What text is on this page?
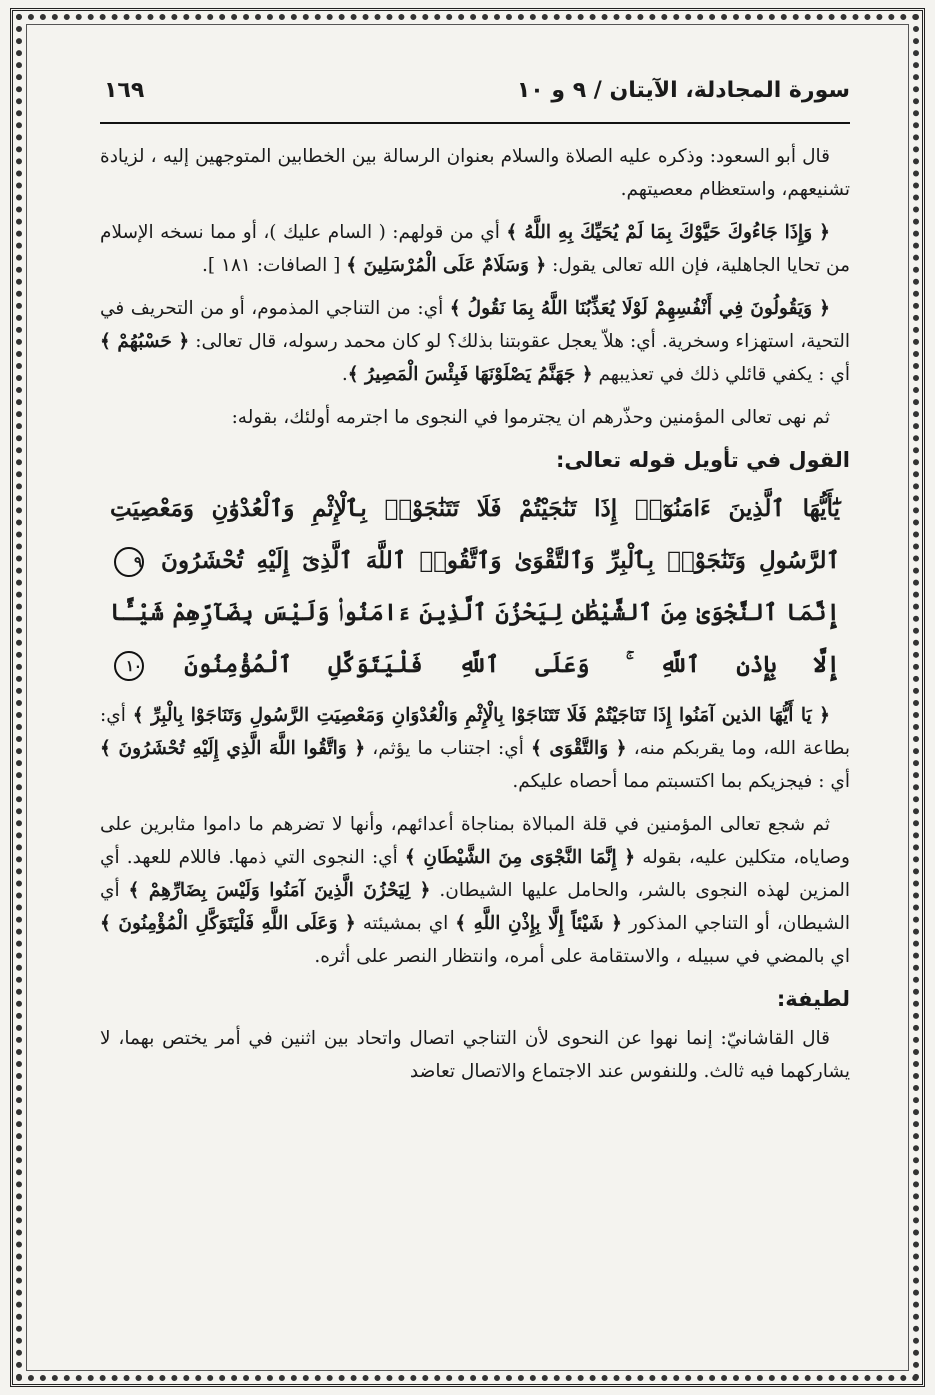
سورة المجادلة، الآيتان / ٩ و ١٠
١٦٩

قال أبو السعود: وذكره عليه الصلاة والسلام بعنوان الرسالة بين الخطابين المتوجهين إليه ، لزيادة تشنيعهم، واستعظام معصيتهم.

﴿ وَإِذَا جَاءُوكَ حَيَّوْكَ بِمَا لَمْ يُحَيِّكَ بِهِ اللَّهُ ﴾ أي من قولهم: ( السام عليك )، أو مما نسخه الإسلام من تحايا الجاهلية، فإن الله تعالى يقول: ﴿ وَسَلَامٌ عَلَى الْمُرْسَلِينَ ﴾ [ الصافات: ١٨١ ].

﴿ وَيَقُولُونَ فِي أَنْفُسِهِمْ لَوْلَا يُعَذِّبُنَا اللَّهُ بِمَا نَقُولُ ﴾ أي: من التناجي المذموم، أو من التحريف في التحية، استهزاء وسخرية. أي: هلاّ يعجل عقوبتنا بذلك؟ لو كان محمد رسوله، قال تعالى: ﴿ حَسْبُهُمْ ﴾ أي : يكفي قائلي ذلك في تعذيبهم ﴿ جَهَنَّمُ يَصْلَوْنَهَا فَبِئْسَ الْمَصِيرُ ﴾.

ثم نهى تعالى المؤمنين وحذّرهم ان يجترموا في النجوى ما اجترمه أولئك، بقوله:

القول في تأويل قوله تعالى:
يَٰٓأَيُّهَا ٱلَّذِينَ ءَامَنُوٓا۟ إِذَا تَنَٰجَيْتُمْ فَلَا تَتَنَٰجَوْا۟ بِٱلْإِثْمِ وَٱلْعُدْوَٰنِ وَمَعْصِيَتِ ٱلرَّسُولِ وَتَنَٰجَوْا۟ بِٱلْبِرِّ وَٱلتَّقْوَىٰ وَٱتَّقُوا۟ ٱللَّهَ ٱلَّذِىٓ إِلَيْهِ تُحْشَرُونَ ٩ إِنَّمَا ٱلنَّجْوَىٰ مِنَ ٱلشَّيْطَٰنِ لِيَحْزُنَ ٱلَّذِينَ ءَامَنُوا۟ وَلَيْسَ بِضَآرِّهِمْ شَيْـًٔا إِلَّا بِإِذْنِ ٱللَّهِ ۚ وَعَلَى ٱللَّهِ فَلْيَتَوَكَّلِ ٱلْمُؤْمِنُونَ ١٠

﴿ يَا أَيُّهَا الذين آمَنُوا إِذَا تَنَاجَيْتُمْ فَلَا تَتَنَاجَوْا بِالْإِثْمِ وَالْعُدْوَانِ وَمَعْصِيَتِ الرَّسُولِ وَتَنَاجَوْا بِالْبِرِّ ﴾ أي: بطاعة الله، وما يقربكم منه، ﴿ وَالتَّقْوَى ﴾ أي: اجتناب ما يؤثم، ﴿ وَاتَّقُوا اللَّهَ الَّذِي إِلَيْهِ تُحْشَرُونَ ﴾ أي : فيجزيكم بما اكتسبتم مما أحصاه عليكم.

ثم شجع تعالى المؤمنين في قلة المبالاة بمناجاة أعدائهم، وأنها لا تضرهم ما داموا مثابرين على وصاياه، متكلين عليه، بقوله ﴿ إِنَّمَا النَّجْوَى مِنَ الشَّيْطَانِ ﴾ أي: النجوى التي ذمها. فاللام للعهد. أي المزين لهذه النجوى بالشر، والحامل عليها الشيطان. ﴿ لِيَحْزُنَ الَّذِينَ آمَنُوا وَلَيْسَ بِضَارِّهِمْ ﴾ أي الشيطان، أو التناجي المذكور ﴿ شَيْئاً إِلَّا بِإِذْنِ اللَّهِ ﴾ اي بمشيئته ﴿ وَعَلَى اللَّهِ فَلْيَتَوَكَّلِ الْمُؤْمِنُونَ ﴾ اي بالمضي في سبيله ، والاستقامة على أمره، وانتظار النصر على أثره.

لطيفة:

قال القاشانيّ: إنما نهوا عن النحوى لأن التناجي اتصال واتحاد بين اثنين في أمر يختص بهما، لا يشاركهما فيه ثالث. وللنفوس عند الاجتماع والاتصال تعاضد
